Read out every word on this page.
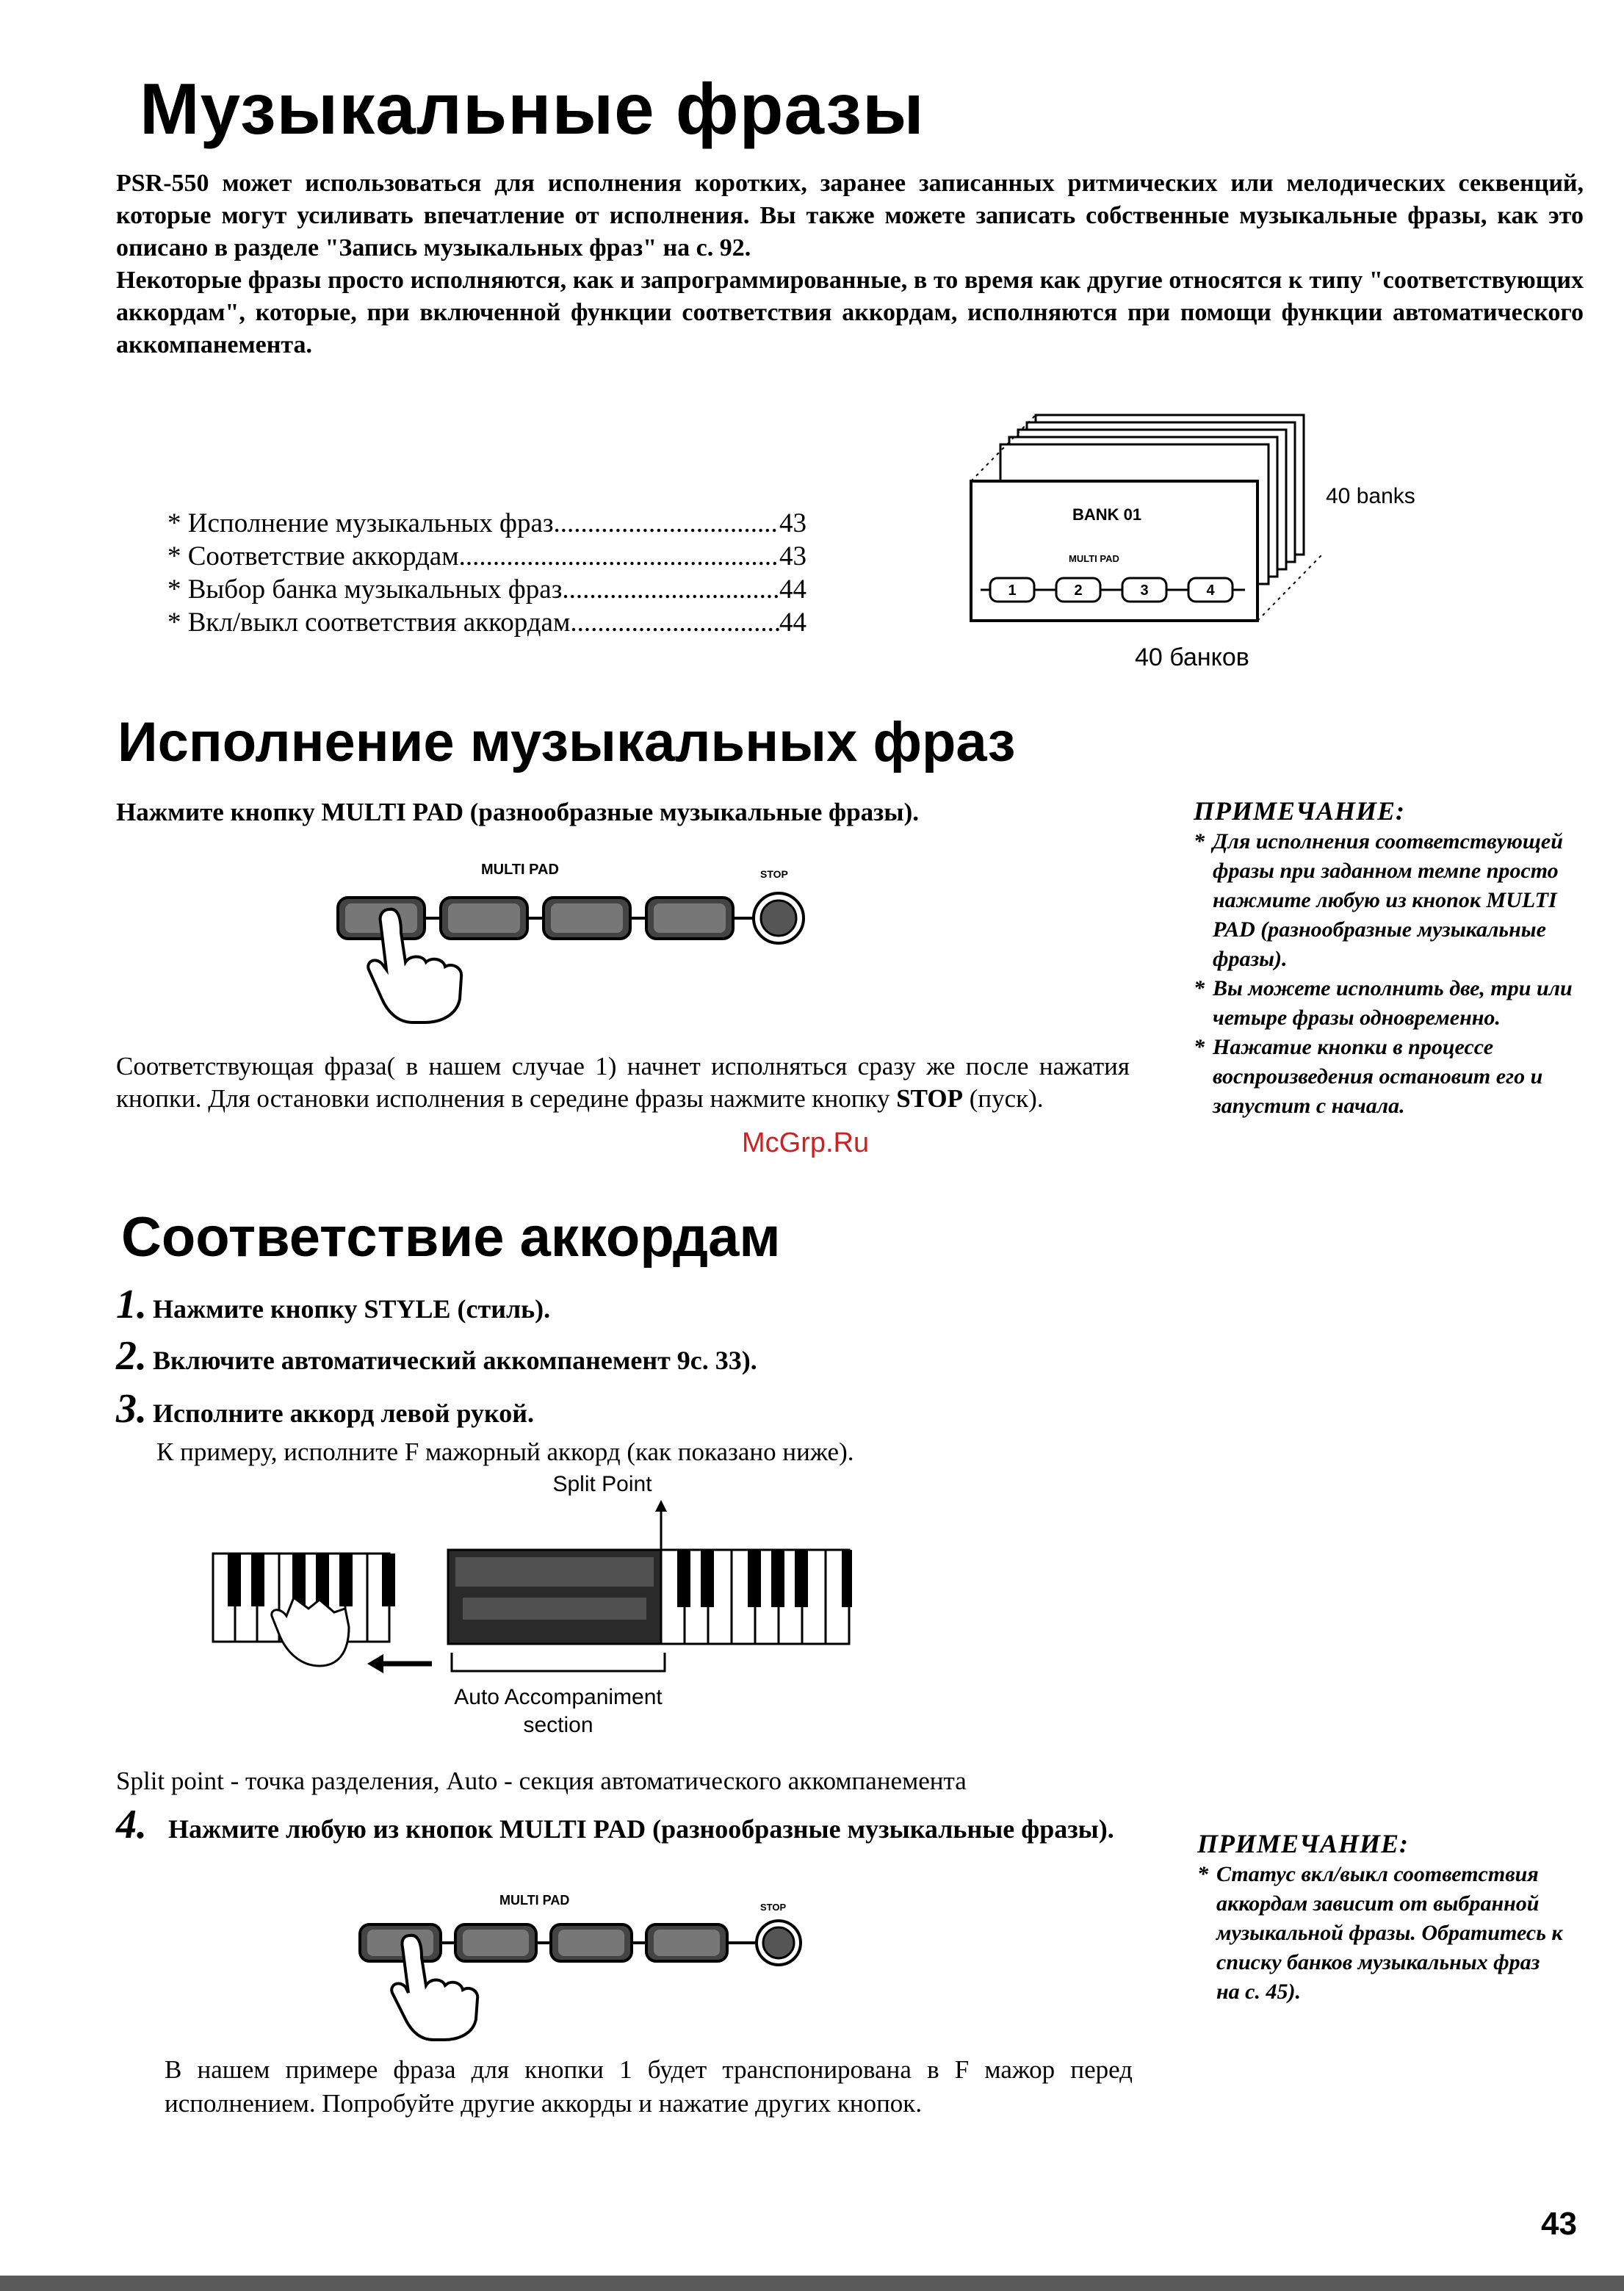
Музыкальные фразы

PSR-550 может использоваться для исполнения коротких, заранее записанных ритмических или мелодических секвенций, которые могут усиливать впечатление от исполнения. Вы также можете записать собственные музыкальные фразы, как это описано в разделе "Запись музыкальных фраз" на с. 92.

Некоторые фразы просто исполняются, как и запрограммированные, в то время как другие относятся к типу "соответствующих аккордам", которые, при включенной функции соответствия аккордам, исполняются при помощи функции автоматического аккомпанемента.

* Исполнение музыкальных фраз .....	43
* Соответствие аккордам .....	43
* Выбор банка музыкальных фраз .....	44
* Вкл/выкл соответствия аккордам .....	44
BANK 01
MULTI PAD
1	2	3	4
40 banks
40 банков
Исполнение музыкальных фраз
Нажмите кнопку MULTI PAD (разнообразные музыкальные фразы).
MULTI PAD	STOP
Соответствующая фраза( в нашем случае 1) начнет исполняться сразу же после нажатия кнопки. Для остановки исполнения в середине фразы нажмите кнопку STOP (пуск).
McGrp.Ru
ПРИМЕЧАНИЕ:
* Для исполнения соответствующей фразы при заданном темпе просто нажмите любую из кнопок MULTI PAD (разнообразные музыкальные фразы).
* Вы можете исполнить две, три или четыре фразы одновременно.
* Нажатие кнопки в процессе воспроизведения остановит его и запустит с начала.
Соответствие аккордам
1. Нажмите кнопку STYLE (стиль).
2. Включите автоматический аккомпанемент 9с. 33).
3. Исполните аккорд левой рукой.
К примеру, исполните F мажорный аккорд (как показано ниже).
Split Point
Auto Accompaniment
section
Split point - точка разделения, Auto - секция автоматического аккомпанемента
4. Нажмите любую из кнопок MULTI PAD (разнообразные музыкальные фразы).
MULTI PAD	STOP
В нашем примере фраза для кнопки 1 будет транспонирована в F мажор перед исполнением. Попробуйте другие аккорды и нажатие других кнопок.
ПРИМЕЧАНИЕ:
* Статус вкл/выкл соответствия аккордам зависит от выбранной музыкальной фразы. Обратитесь к списку банков музыкальных фраз на с. 45).
43
